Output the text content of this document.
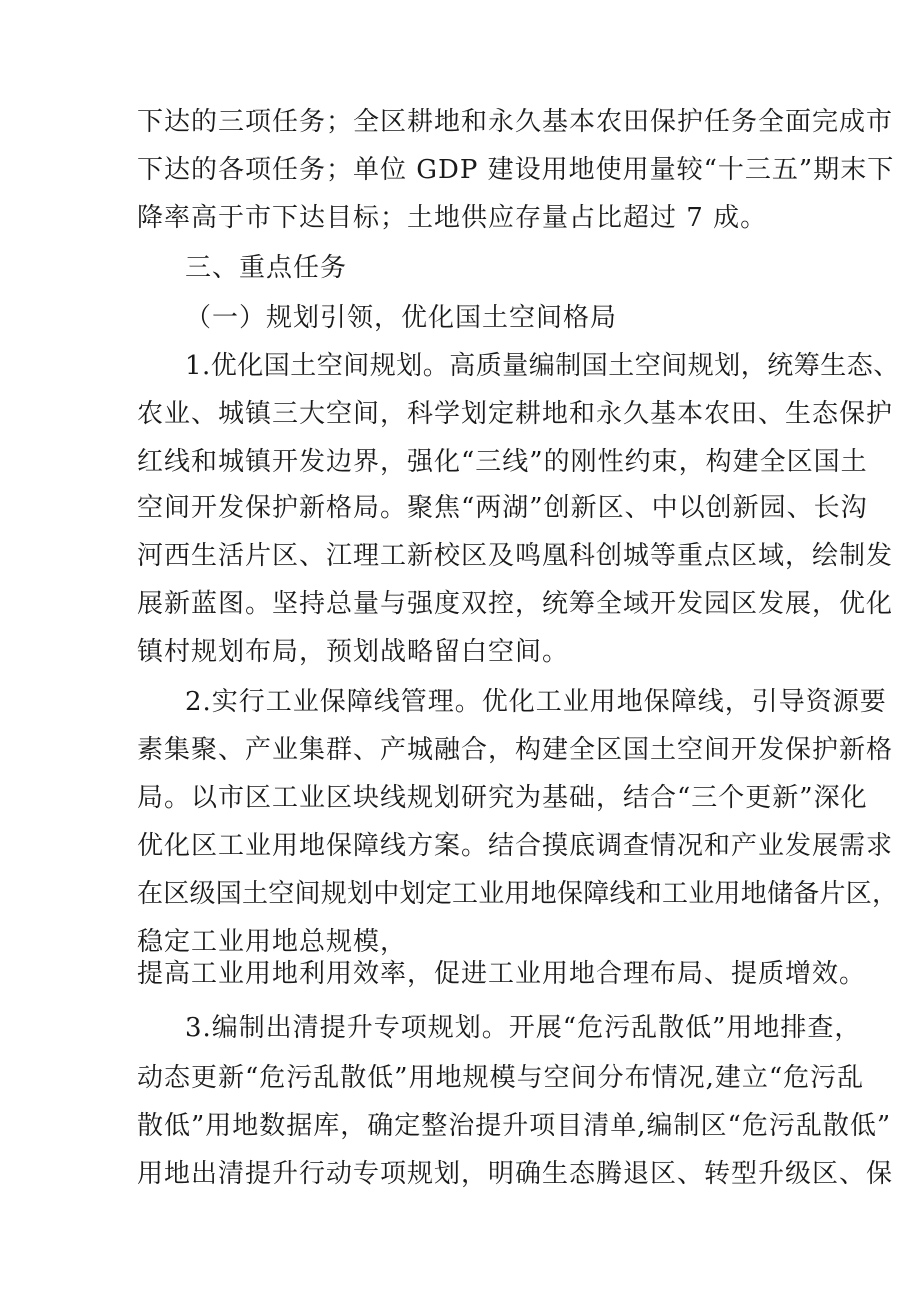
下达的三项任务；全区耕地和永久基本农田保护任务全面完成市
下达的各项任务；单位 GDP 建设用地使用量较“十三五”期末下
降率高于市下达目标；土地供应存量占比超过 7 成。
三、重点任务
（一）规划引领，优化国土空间格局
1.优化国土空间规划。高质量编制国土空间规划，统筹生态、
农业、城镇三大空间，科学划定耕地和永久基本农田、生态保护
红线和城镇开发边界，强化“三线”的刚性约束，构建全区国土
空间开发保护新格局。聚焦“两湖”创新区、中以创新园、长沟
河西生活片区、江理工新校区及鸣凰科创城等重点区域，绘制发
展新蓝图。坚持总量与强度双控，统筹全域开发园区发展，优化
镇村规划布局，预划战略留白空间。
2.实行工业保障线管理。优化工业用地保障线，引导资源要
素集聚、产业集群、产城融合，构建全区国土空间开发保护新格
局。以市区工业区块线规划研究为基础，结合“三个更新”深化
优化区工业用地保障线方案。结合摸底调查情况和产业发展需求
在区级国土空间规划中划定工业用地保障线和工业用地储备片区，
稳定工业用地总规模，
提高工业用地利用效率，促进工业用地合理布局、提质增效。
3.编制出清提升专项规划。开展“危污乱散低”用地排查，
动态更新“危污乱散低”用地规模与空间分布情况,建立“危污乱
散低”用地数据库，确定整治提升项目清单,编制区“危污乱散低”
用地出清提升行动专项规划，明确生态腾退区、转型升级区、保
